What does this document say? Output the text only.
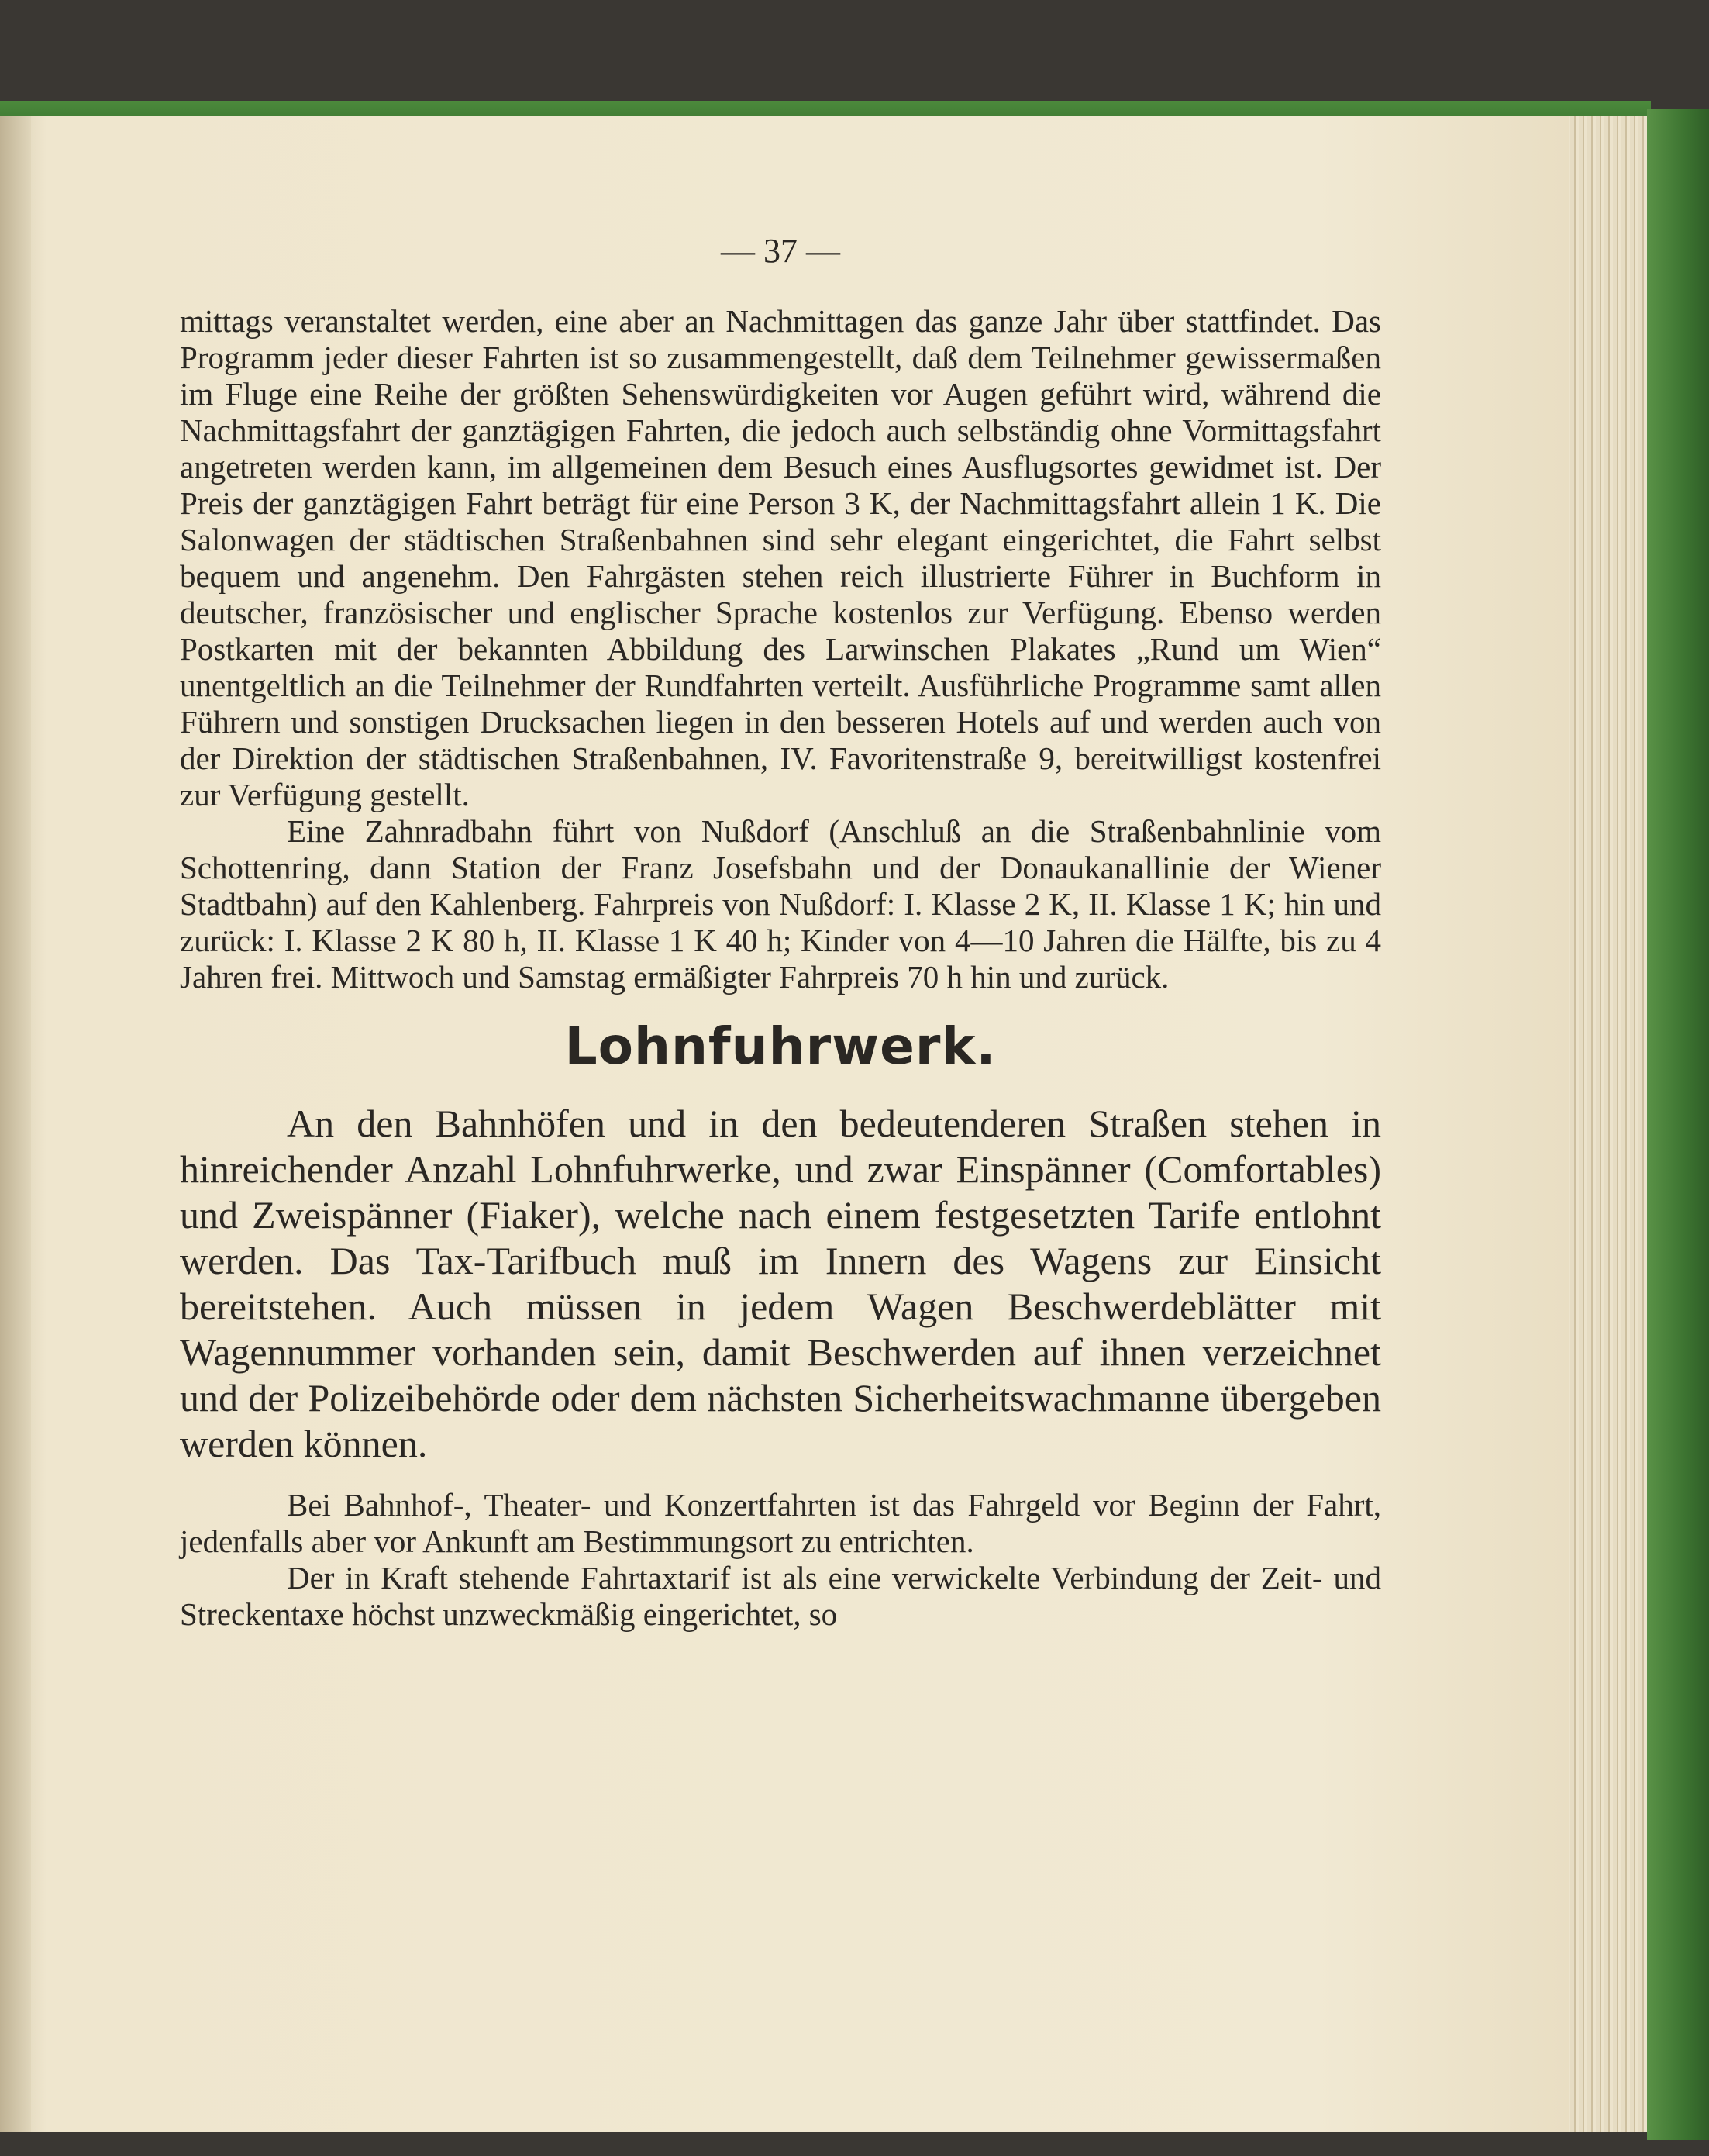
— 37 —

mittags veranstaltet werden, eine aber an Nachmittagen das ganze Jahr über stattfindet. Das Programm jeder dieser Fahrten ist so zusammengestellt, daß dem Teilnehmer gewissermaßen im Fluge eine Reihe der größten Sehenswürdigkeiten vor Augen geführt wird, während die Nachmittagsfahrt der ganztägigen Fahrten, die jedoch auch selbständig ohne Vormittagsfahrt angetreten werden kann, im allgemeinen dem Besuch eines Ausflugsortes gewidmet ist. Der Preis der ganztägigen Fahrt beträgt für eine Person 3 K, der Nachmittagsfahrt allein 1 K. Die Salonwagen der städtischen Straßenbahnen sind sehr elegant eingerichtet, die Fahrt selbst bequem und angenehm. Den Fahrgästen stehen reich illustrierte Führer in Buchform in deutscher, französischer und englischer Sprache kostenlos zur Verfügung. Ebenso werden Postkarten mit der bekannten Abbildung des Larwinschen Plakates „Rund um Wien“ unentgeltlich an die Teilnehmer der Rundfahrten verteilt. Ausführliche Programme samt allen Führern und sonstigen Drucksachen liegen in den besseren Hotels auf und werden auch von der Direktion der städtischen Straßenbahnen, IV. Favoritenstraße 9, bereitwilligst kostenfrei zur Verfügung gestellt.

Eine Zahnradbahn führt von Nußdorf (Anschluß an die Straßenbahnlinie vom Schottenring, dann Station der Franz Josefsbahn und der Donaukanallinie der Wiener Stadtbahn) auf den Kahlenberg. Fahrpreis von Nußdorf: I. Klasse 2 K, II. Klasse 1 K; hin und zurück: I. Klasse 2 K 80 h, II. Klasse 1 K 40 h; Kinder von 4—10 Jahren die Hälfte, bis zu 4 Jahren frei. Mittwoch und Samstag ermäßigter Fahrpreis 70 h hin und zurück.

Lohnfuhrwerk.

An den Bahnhöfen und in den bedeutenderen Straßen stehen in hinreichender Anzahl Lohnfuhrwerke, und zwar Einspänner (Comfortables) und Zweispänner (Fiaker), welche nach einem festgesetzten Tarife entlohnt werden. Das Tax-Tarifbuch muß im Innern des Wagens zur Einsicht bereitstehen. Auch müssen in jedem Wagen Beschwerdeblätter mit Wagennummer vorhanden sein, damit Beschwerden auf ihnen verzeichnet und der Polizeibehörde oder dem nächsten Sicherheitswachmanne übergeben werden können.

Bei Bahnhof-, Theater- und Konzertfahrten ist das Fahrgeld vor Beginn der Fahrt, jedenfalls aber vor Ankunft am Bestimmungsort zu entrichten.

Der in Kraft stehende Fahrtaxtarif ist als eine verwickelte Verbindung der Zeit- und Streckentaxe höchst unzweckmäßig eingerichtet, so
